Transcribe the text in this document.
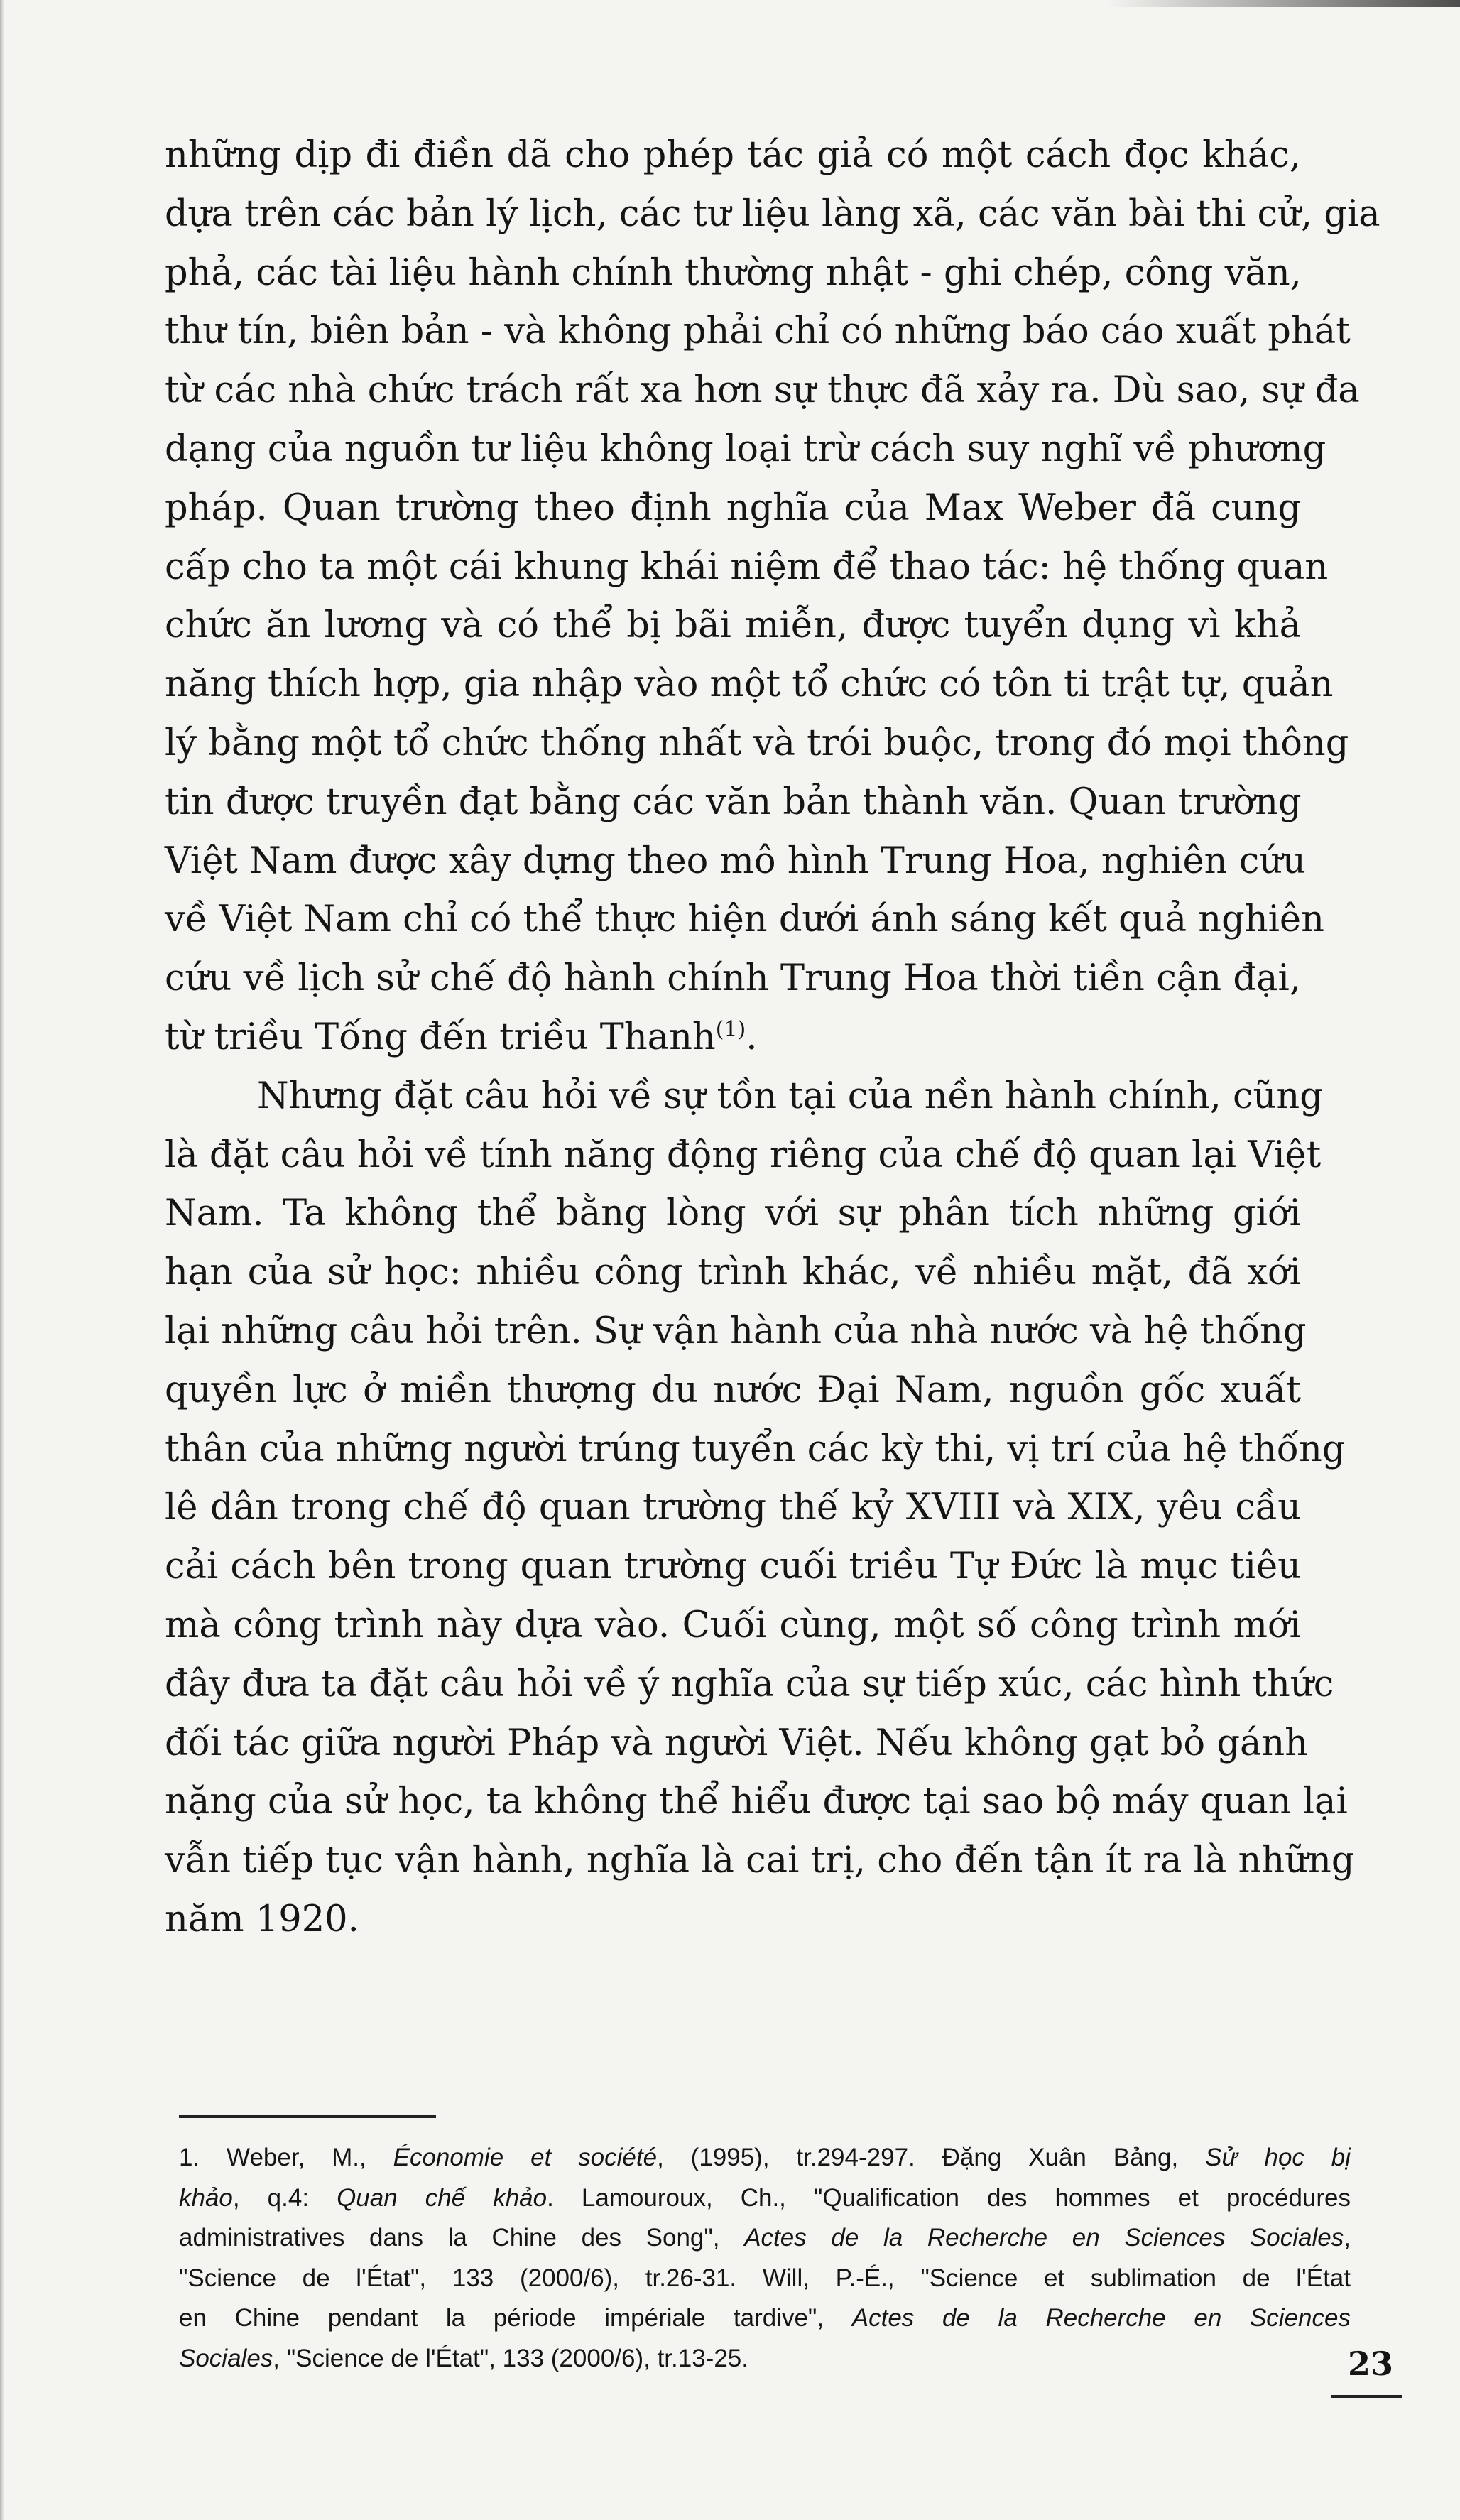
những dịp đi điền dã cho phép tác giả có một cách đọc khác,
dựa trên các bản lý lịch, các tư liệu làng xã, các văn bài thi cử, gia
phả, các tài liệu hành chính thường nhật - ghi chép, công văn,
thư tín, biên bản - và không phải chỉ có những báo cáo xuất phát
từ các nhà chức trách rất xa hơn sự thực đã xảy ra. Dù sao, sự đa
dạng của nguồn tư liệu không loại trừ cách suy nghĩ về phương
pháp. Quan trường theo định nghĩa của Max Weber đã cung
cấp cho ta một cái khung khái niệm để thao tác: hệ thống quan
chức ăn lương và có thể bị bãi miễn, được tuyển dụng vì khả
năng thích hợp, gia nhập vào một tổ chức có tôn ti trật tự, quản
lý bằng một tổ chức thống nhất và trói buộc, trong đó mọi thông
tin được truyền đạt bằng các văn bản thành văn. Quan trường
Việt Nam được xây dựng theo mô hình Trung Hoa, nghiên cứu
về Việt Nam chỉ có thể thực hiện dưới ánh sáng kết quả nghiên
cứu về lịch sử chế độ hành chính Trung Hoa thời tiền cận đại,
từ triều Tống đến triều Thanh$^{(1)}$.
Nhưng đặt câu hỏi về sự tồn tại của nền hành chính, cũng
là đặt câu hỏi về tính năng động riêng của chế độ quan lại Việt
Nam. Ta không thể bằng lòng với sự phân tích những giới
hạn của sử học: nhiều công trình khác, về nhiều mặt, đã xới
lại những câu hỏi trên. Sự vận hành của nhà nước và hệ thống
quyền lực ở miền thượng du nước Đại Nam, nguồn gốc xuất
thân của những người trúng tuyển các kỳ thi, vị trí của hệ thống
lê dân trong chế độ quan trường thế kỷ XVIII và XIX, yêu cầu
cải cách bên trong quan trường cuối triều Tự Đức là mục tiêu
mà công trình này dựa vào. Cuối cùng, một số công trình mới
đây đưa ta đặt câu hỏi về ý nghĩa của sự tiếp xúc, các hình thức
đối tác giữa người Pháp và người Việt. Nếu không gạt bỏ gánh
nặng của sử học, ta không thể hiểu được tại sao bộ máy quan lại
vẫn tiếp tục vận hành, nghĩa là cai trị, cho đến tận ít ra là những
năm 1920.
1. Weber, M., Économie et société, (1995), tr.294-297. Đặng Xuân Bảng, Sử học bị
khảo, q.4: Quan chế khảo. Lamouroux, Ch., "Qualification des hommes et procédures
administratives dans la Chine des Song", Actes de la Recherche en Sciences Sociales,
"Science de l'État", 133 (2000/6), tr.26-31. Will, P.-É., "Science et sublimation de l'État
en Chine pendant la période impériale tardive", Actes de la Recherche en Sciences
Sociales, "Science de l'État", 133 (2000/6), tr.13-25.	23
